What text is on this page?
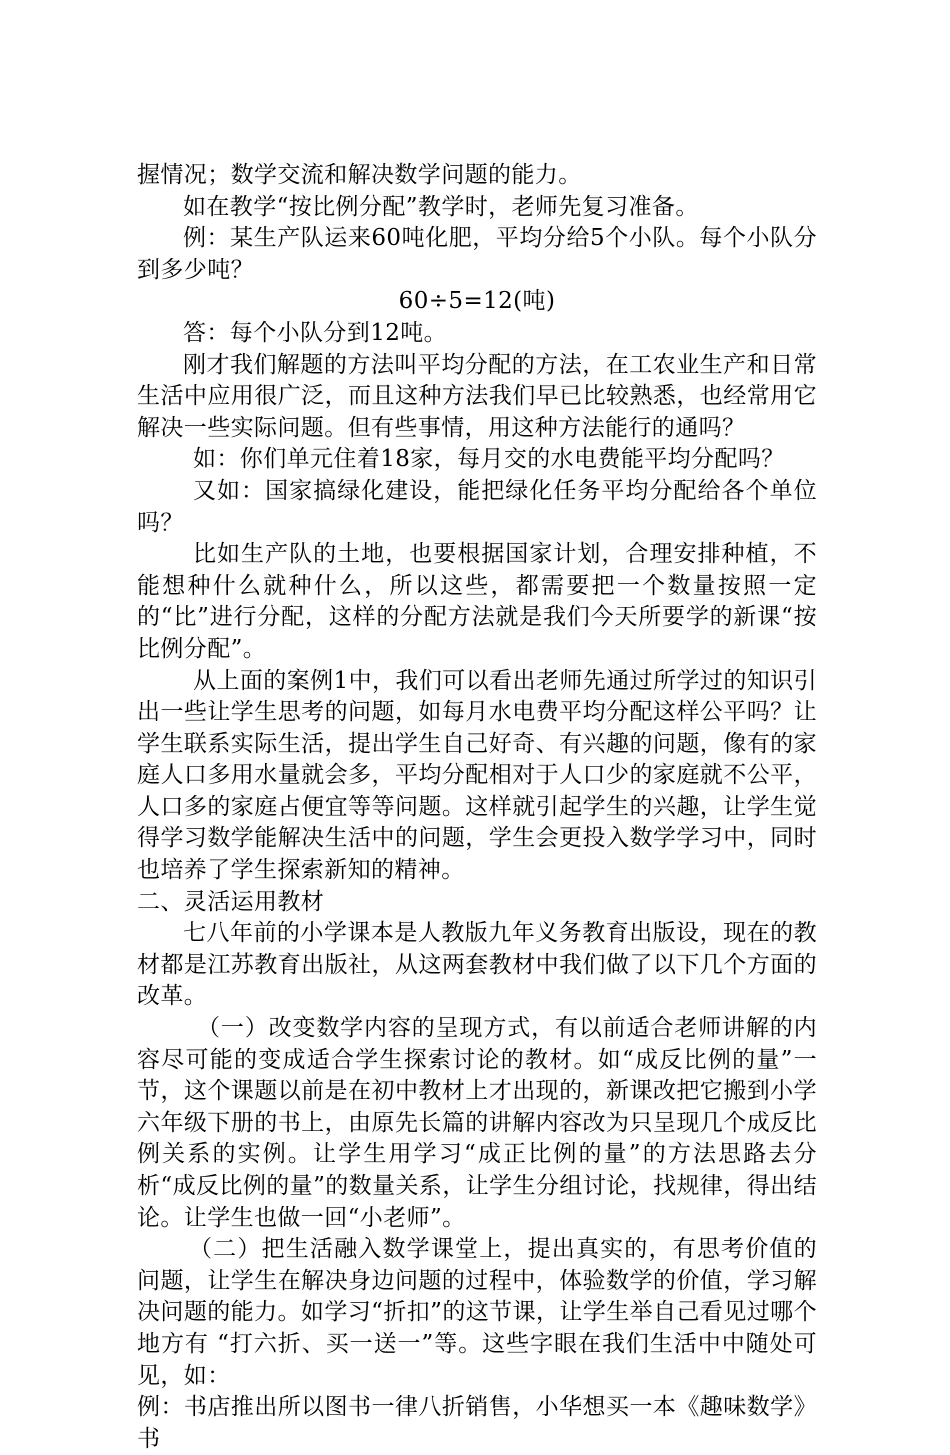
握情况；数学交流和解决数学问题的能力。

如在教学“按比例分配”教学时，老师先复习准备。

例：某生产队运来60吨化肥，平均分给5个小队。每个小队分到多少吨？

60÷5=12(吨)

答：每个小队分到12吨。

刚才我们解题的方法叫平均分配的方法，在工农业生产和日常生活中应用很广泛，而且这种方法我们早已比较熟悉，也经常用它解决一些实际问题。但有些事情，用这种方法能行的通吗？

如：你们单元住着18家，每月交的水电费能平均分配吗？

又如：国家搞绿化建设，能把绿化任务平均分配给各个单位吗？

比如生产队的土地，也要根据国家计划，合理安排种植，不能想种什么就种什么，所以这些，都需要把一个数量按照一定的“比”进行分配，这样的分配方法就是我们今天所要学的新课“按比例分配”。

从上面的案例1中，我们可以看出老师先通过所学过的知识引出一些让学生思考的问题，如每月水电费平均分配这样公平吗？让学生联系实际生活，提出学生自己好奇、有兴趣的问题，像有的家庭人口多用水量就会多，平均分配相对于人口少的家庭就不公平，人口多的家庭占便宜等等问题。这样就引起学生的兴趣，让学生觉得学习数学能解决生活中的问题，学生会更投入数学学习中，同时也培养了学生探索新知的精神。

二、灵活运用教材

七八年前的小学课本是人教版九年义务教育出版设，现在的教材都是江苏教育出版社，从这两套教材中我们做了以下几个方面的改革。

（一）改变数学内容的呈现方式，有以前适合老师讲解的内容尽可能的变成适合学生探索讨论的教材。如“成反比例的量”一节，这个课题以前是在初中教材上才出现的，新课改把它搬到小学六年级下册的书上，由原先长篇的讲解内容改为只呈现几个成反比例关系的实例。让学生用学习“成正比例的量”的方法思路去分析“成反比例的量”的数量关系，让学生分组讨论，找规律，得出结论。让学生也做一回“小老师”。

（二）把生活融入数学课堂上，提出真实的，有思考价值的问题，让学生在解决身边问题的过程中，体验数学的价值，学习解决问题的能力。如学习“折扣”的这节课，让学生举自己看见过哪个地方有 “打六折、买一送一”等。这些字眼在我们生活中中随处可见，如：

例：书店推出所以图书一律八折销售，小华想买一本《趣味数学》书
